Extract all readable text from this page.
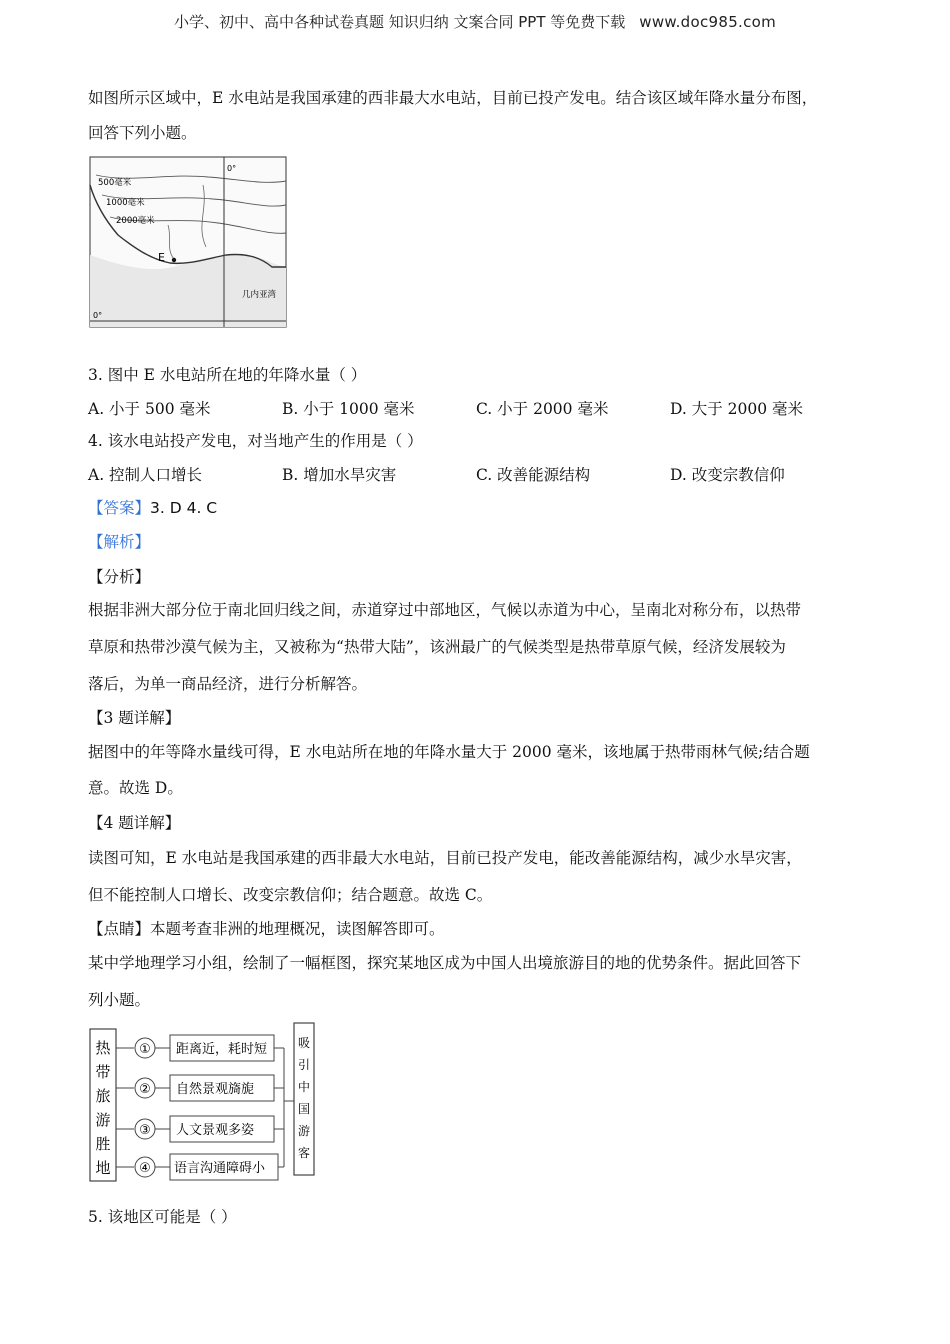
小学、初中、高中各种试卷真题 知识归纳 文案合同 PPT 等免费下载 www.doc985.com
如图所示区域中，E 水电站是我国承建的西非最大水电站，目前已投产发电。结合该区域年降水量分布图，
回答下列小题。
500毫米
1000毫米
2000毫米
E
0°
0°
几内亚湾
3. 图中 E 水电站所在地的年降水量（ ）
A. 小于 500 毫米	B. 小于 1000 毫米	C. 小于 2000 毫米	D. 大于 2000 毫米
4. 该水电站投产发电，对当地产生的作用是（ ）
A. 控制人口增长	B. 增加水旱灾害	C. 改善能源结构	D. 改变宗教信仰
【答案】3. D 4. C
【解析】
【分析】
根据非洲大部分位于南北回归线之间，赤道穿过中部地区，气候以赤道为中心，呈南北对称分布，以热带
草原和热带沙漠气候为主，又被称为“热带大陆”，该洲最广的气候类型是热带草原气候，经济发展较为
落后，为单一商品经济，进行分析解答。
【3 题详解】
据图中的年等降水量线可得，E 水电站所在地的年降水量大于 2000 毫米，该地属于热带雨林气候;结合题
意。故选 D。
【4 题详解】
读图可知，E 水电站是我国承建的西非最大水电站，目前已投产发电，能改善能源结构，减少水旱灾害，
但不能控制人口增长、改变宗教信仰；结合题意。故选 C。
【点睛】本题考查非洲的地理概况，读图解答即可。
某中学地理学习小组，绘制了一幅框图，探究某地区成为中国人出境旅游目的地的优势条件。据此回答下
列小题。
热
带
旅
游
胜
地
①
②
③
④
距离近，耗时短
自然景观旖旎
人文景观多姿
语言沟通障碍小
吸
引
中
国
游
客
5. 该地区可能是（ ）
